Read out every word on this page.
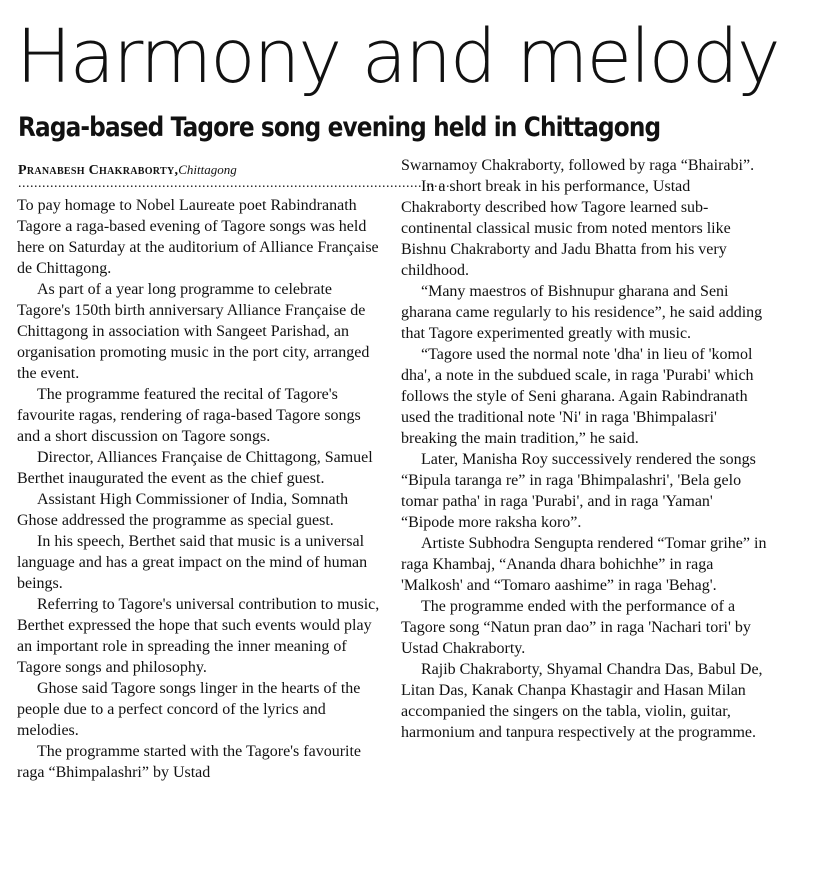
Harmony and melody
Raga-based Tagore song evening held in Chittagong
Pranabesh Chakraborty,Chittagong
............................................................................................................

To pay homage to Nobel Laureate poet Rabindranath Tagore a raga-based evening of Tagore songs was held here on Saturday at the auditorium of Alliance Française de Chittagong.

As part of a year long programme to celebrate Tagore's 150th birth anniversary Alliance Française de Chittagong in association with Sangeet Parishad, an organisation promoting music in the port city, arranged the event.

The programme featured the recital of Tagore's favourite ragas, rendering of raga-based Tagore songs and a short discussion on Tagore songs.

Director, Alliances Française de Chittagong, Samuel Berthet inaugurated the event as the chief guest.

Assistant High Commissioner of India, Somnath Ghose addressed the programme as special guest.

In his speech, Berthet said that music is a universal language and has a great impact on the mind of human beings.

Referring to Tagore's universal contribution to music, Berthet expressed the hope that such events would play an important role in spreading the inner meaning of Tagore songs and philosophy.

Ghose said Tagore songs linger in the hearts of the people due to a perfect concord of the lyrics and melodies.

The programme started with the Tagore's favourite raga “Bhimpalashri” by Ustad

Swarnamoy Chakraborty, followed by raga “Bhairabi”.

In a short break in his performance, Ustad Chakraborty described how Tagore learned sub-continental classical music from noted mentors like Bishnu Chakraborty and Jadu Bhatta from his very childhood.

“Many maestros of Bishnupur gharana and Seni gharana came regularly to his residence”, he said adding that Tagore experimented greatly with music.

“Tagore used the normal note 'dha' in lieu of 'komol dha', a note in the subdued scale, in raga 'Purabi' which follows the style of Seni gharana. Again Rabindranath used the traditional note 'Ni' in raga 'Bhimpalasri' breaking the main tradition,” he said.

Later, Manisha Roy successively rendered the songs “Bipula taranga re” in raga 'Bhimpalashri', 'Bela gelo tomar patha' in raga 'Purabi', and in raga 'Yaman' “Bipode more raksha koro”.

Artiste Subhodra Sengupta rendered “Tomar grihe” in raga Khambaj, “Ananda dhara bohichhe” in raga 'Malkosh' and “Tomaro aashime” in raga 'Behag'.

The programme ended with the performance of a Tagore song “Natun pran dao” in raga 'Nachari tori' by Ustad Chakraborty.

Rajib Chakraborty, Shyamal Chandra Das, Babul De, Litan Das, Kanak Chanpa Khastagir and Hasan Milan accompanied the singers on the tabla, violin, guitar, harmonium and tanpura respectively at the programme.
